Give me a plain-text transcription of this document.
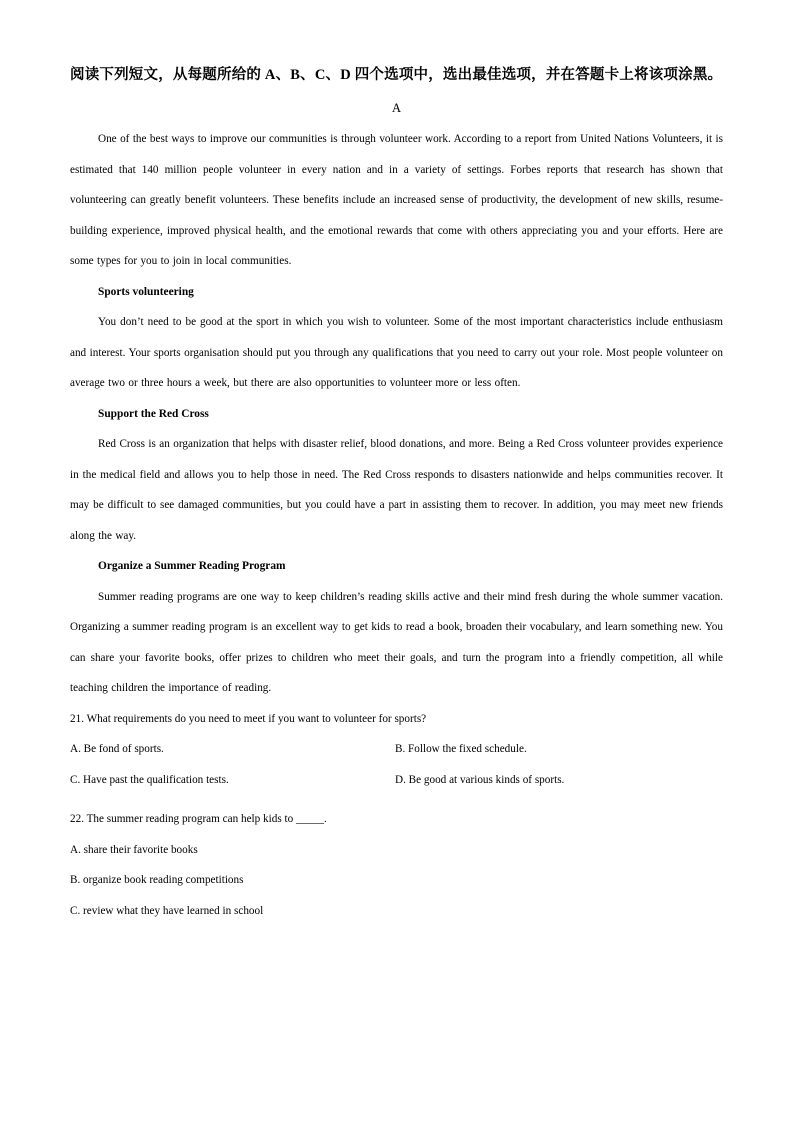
阅读下列短文，从每题所给的 A、B、C、D 四个选项中，选出最佳选项，并在答题卡上将该项涂黑。

A

One of the best ways to improve our communities is through volunteer work. According to a report from United Nations Volunteers, it is estimated that 140 million people volunteer in every nation and in a variety of settings. Forbes reports that research has shown that volunteering can greatly benefit volunteers. These benefits include an increased sense of productivity, the development of new skills, resume-building experience, improved physical health, and the emotional rewards that come with others appreciating you and your efforts. Here are some types for you to join in local communities.

Sports volunteering

You don’t need to be good at the sport in which you wish to volunteer. Some of the most important characteristics include enthusiasm and interest. Your sports organisation should put you through any qualifications that you need to carry out your role. Most people volunteer on average two or three hours a week, but there are also opportunities to volunteer more or less often.

Support the Red Cross

Red Cross is an organization that helps with disaster relief, blood donations, and more. Being a Red Cross volunteer provides experience in the medical field and allows you to help those in need. The Red Cross responds to disasters nationwide and helps communities recover. It may be difficult to see damaged communities, but you could have a part in assisting them to recover. In addition, you may meet new friends along the way.

Organize a Summer Reading Program

Summer reading programs are one way to keep children’s reading skills active and their mind fresh during the whole summer vacation. Organizing a summer reading program is an excellent way to get kids to read a book, broaden their vocabulary, and learn something new. You can share your favorite books, offer prizes to children who meet their goals, and turn the program into a friendly competition, all while teaching children the importance of reading.

21. What requirements do you need to meet if you want to volunteer for sports?

A. Be fond of sports.	B. Follow the fixed schedule.
C. Have past the qualification tests.	D. Be good at various kinds of sports.

22. The summer reading program can help kids to _____.

A. share their favorite books
B. organize book reading competitions
C. review what they have learned in school
